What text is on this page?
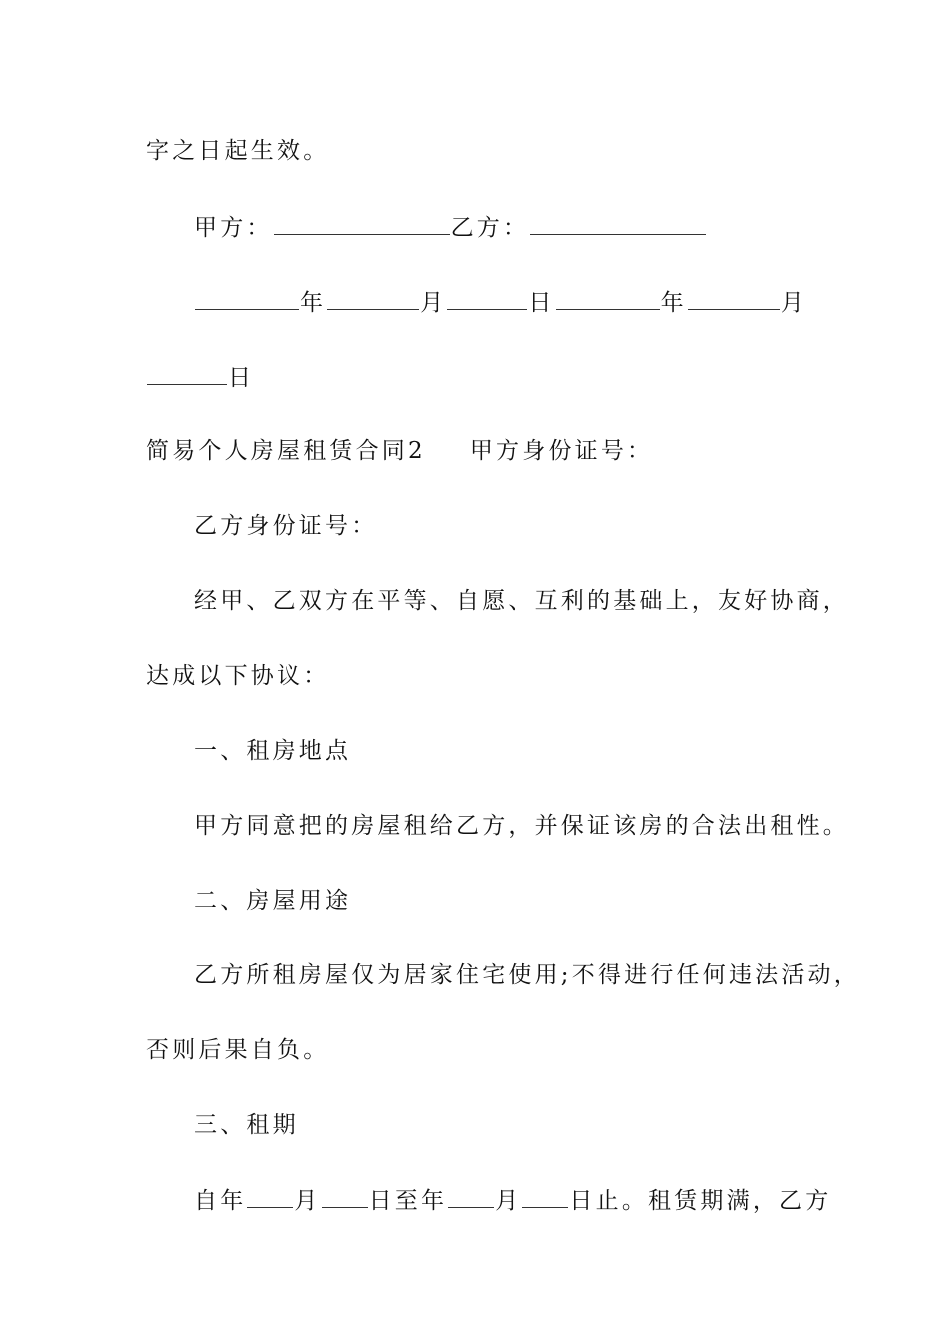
字之日起生效。
甲方：	乙方：
年	月	日	年	月
日
简易个人房屋租赁合同2 甲方身份证号：
乙方身份证号：
经甲、乙双方在平等、自愿、互利的基础上，友好协商，
达成以下协议：
一、租房地点
甲方同意把的房屋租给乙方，并保证该房的合法出租性。
二、房屋用途
乙方所租房屋仅为居家住宅使用;不得进行任何违法活动，
否则后果自负。
三、租期
自年 月 日至年 月 日止。租赁期满，乙方
